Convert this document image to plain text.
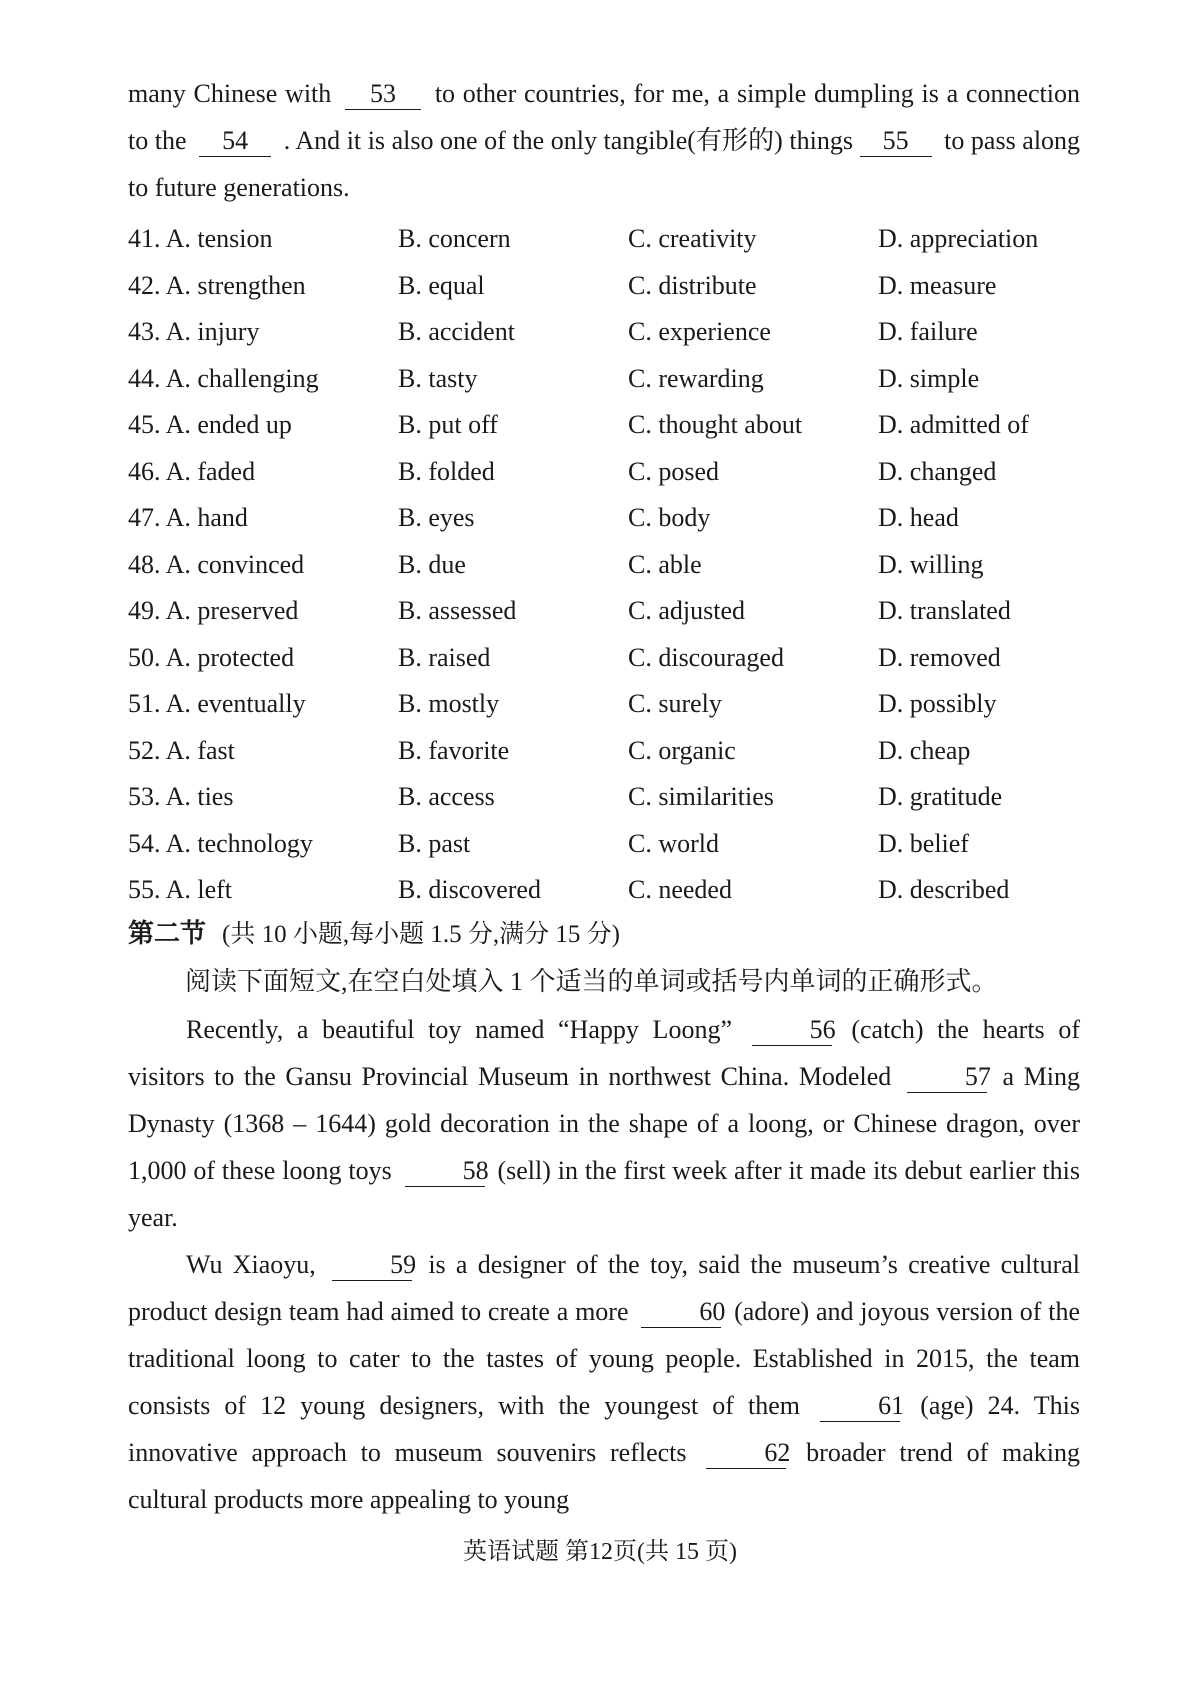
many Chinese with 53 to other countries, for me, a simple dumpling is a connection to the 54 . And it is also one of the only tangible(有形的) things 55 to pass along to future generations.
41. A. tension	B. concern	C. creativity	D. appreciation
42. A. strengthen	B. equal	C. distribute	D. measure
43. A. injury	B. accident	C. experience	D. failure
44. A. challenging	B. tasty	C. rewarding	D. simple
45. A. ended up	B. put off	C. thought about	D. admitted of
46. A. faded	B. folded	C. posed	D. changed
47. A. hand	B. eyes	C. body	D. head
48. A. convinced	B. due	C. able	D. willing
49. A. preserved	B. assessed	C. adjusted	D. translated
50. A. protected	B. raised	C. discouraged	D. removed
51. A. eventually	B. mostly	C. surely	D. possibly
52. A. fast	B. favorite	C. organic	D. cheap
53. A. ties	B. access	C. similarities	D. gratitude
54. A. technology	B. past	C. world	D. belief
55. A. left	B. discovered	C. needed	D. described
第二节 (共 10 小题,每小题 1.5 分,满分 15 分)
阅读下面短文,在空白处填入 1 个适当的单词或括号内单词的正确形式。
Recently, a beautiful toy named “Happy Loong”	56 (catch) the hearts of visitors to the Gansu Provincial Museum in northwest China. Modeled	57 a Ming Dynasty (1368 – 1644) gold decoration in the shape of a loong, or Chinese dragon, over 1,000 of these loong toys	58 (sell) in the first week after it made its debut earlier this year.
Wu Xiaoyu,	59 is a designer of the toy, said the museum’s creative cultural product design team had aimed to create a more	60 (adore) and joyous version of the traditional loong to cater to the tastes of young people. Established in 2015, the team consists of 12 young designers, with the youngest of them	61 (age) 24. This innovative approach to museum souvenirs reflects	62 broader trend of making cultural products more appealing to young
英语试题 第12页(共 15 页)
